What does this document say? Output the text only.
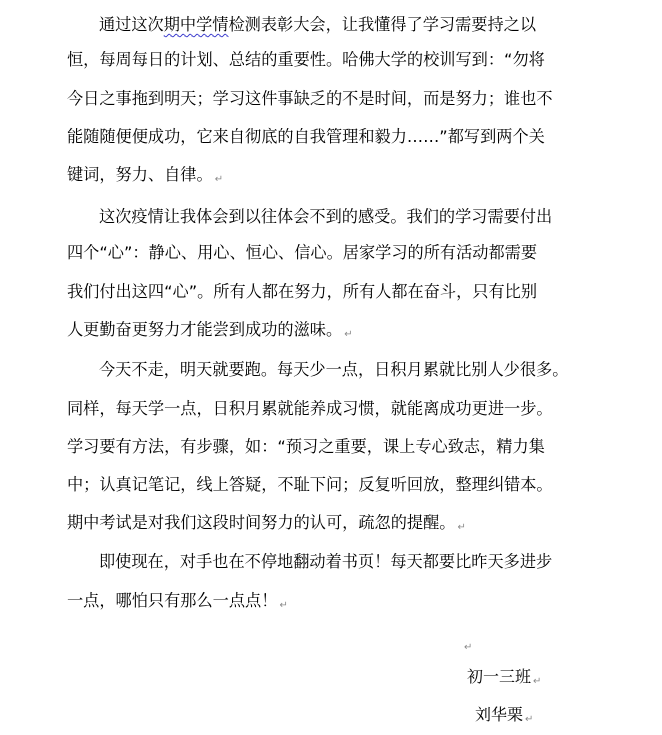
通过这次期中学情检测表彰大会，让我懂得了学习需要持之以
恒，每周每日的计划、总结的重要性。哈佛大学的校训写到：“勿将
今日之事拖到明天；学习这件事缺乏的不是时间，而是努力；谁也不
能随随便便成功，它来自彻底的自我管理和毅力……”都写到两个关
键词，努力、自律。 ↵
这次疫情让我体会到以往体会不到的感受。我们的学习需要付出
四个“心”：静心、用心、恒心、信心。居家学习的所有活动都需要
我们付出这四“心”。所有人都在努力，所有人都在奋斗，只有比别
人更勤奋更努力才能尝到成功的滋味。 ↵
今天不走，明天就要跑。每天少一点，日积月累就比别人少很多。
同样，每天学一点，日积月累就能养成习惯，就能离成功更进一步。
学习要有方法，有步骤，如：“预习之重要，课上专心致志，精力集
中；认真记笔记，线上答疑，不耻下问；反复听回放，整理纠错本。
期中考试是对我们这段时间努力的认可，疏忽的提醒。 ↵
即使现在，对手也在不停地翻动着书页！每天都要比昨天多进步
一点，哪怕只有那么一点点！ ↵
↵
初一三班 ↵
刘华栗 ↵
